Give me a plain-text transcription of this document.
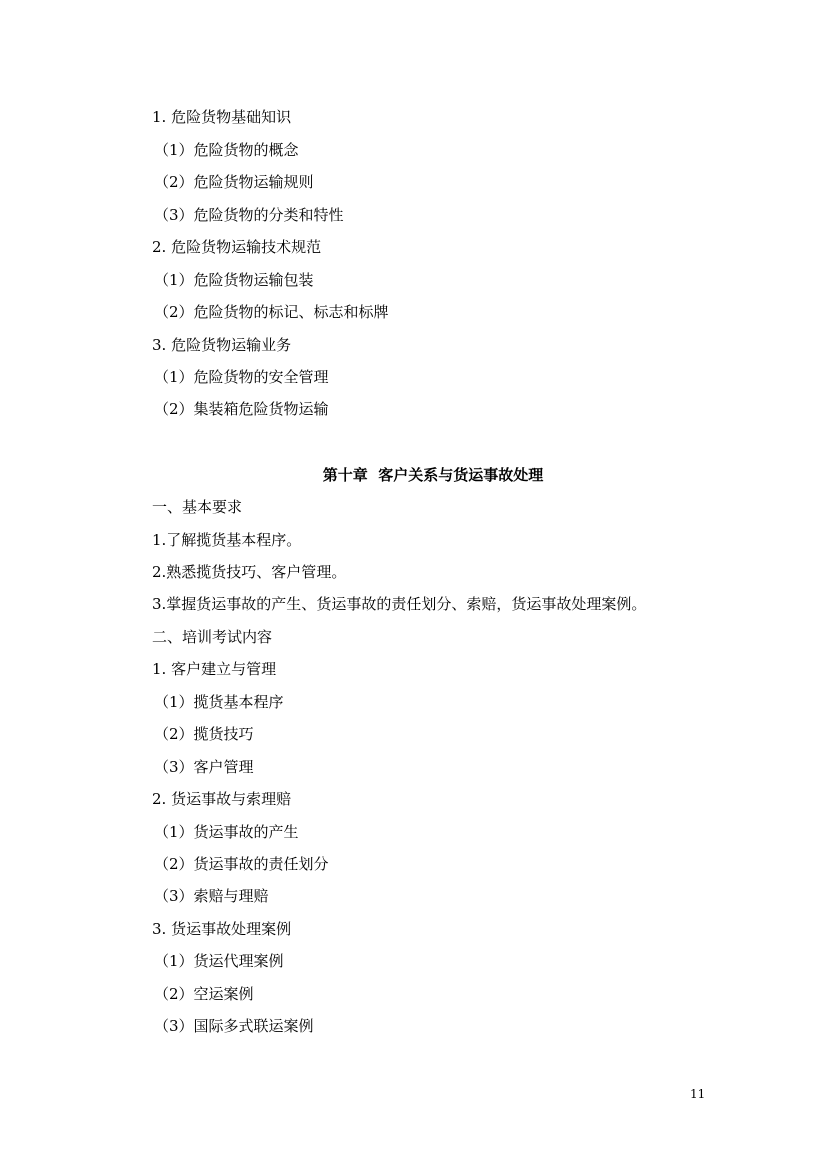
1. 危险货物基础知识
（1）危险货物的概念
（2）危险货物运输规则
（3）危险货物的分类和特性
2. 危险货物运输技术规范
（1）危险货物运输包装
（2）危险货物的标记、标志和标牌
3. 危险货物运输业务
（1）危险货物的安全管理
（2）集装箱危险货物运输
第十章  客户关系与货运事故处理
一、基本要求
1.了解揽货基本程序。
2.熟悉揽货技巧、客户管理。
3.掌握货运事故的产生、货运事故的责任划分、索赔，货运事故处理案例。
二、培训考试内容
1. 客户建立与管理
（1）揽货基本程序
（2）揽货技巧
（3）客户管理
2. 货运事故与索理赔
（1）货运事故的产生
（2）货运事故的责任划分
（3）索赔与理赔
3. 货运事故处理案例
（1）货运代理案例
（2）空运案例
（3）国际多式联运案例
11
